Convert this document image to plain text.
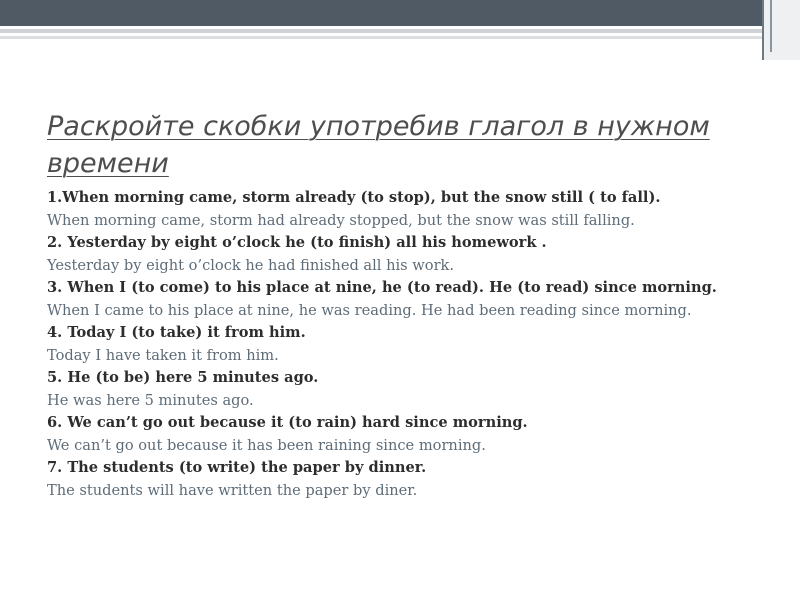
Раскройте скобки употребив глагол в нужном времени

1.When morning came, storm already (to stop), but the snow still ( to fall).

When morning came, storm had already stopped, but the snow was still falling.

2. Yesterday by eight o’clock he (to finish) all his homework .

Yesterday by eight o’clock he had finished all his work.

3. When I (to come) to his place at nine, he (to read). He (to read) since morning.

When I came to his place at nine, he was reading. He had been reading since morning.

4. Today I (to take) it from him.

Today I have taken it from him.

5. He (to be) here 5 minutes ago.

He was here 5 minutes ago.

6. We can’t go out because it (to rain) hard since morning.

We can’t go out because it has been raining since morning.

7. The students (to write) the paper by dinner.

The students will have written the paper by diner.
